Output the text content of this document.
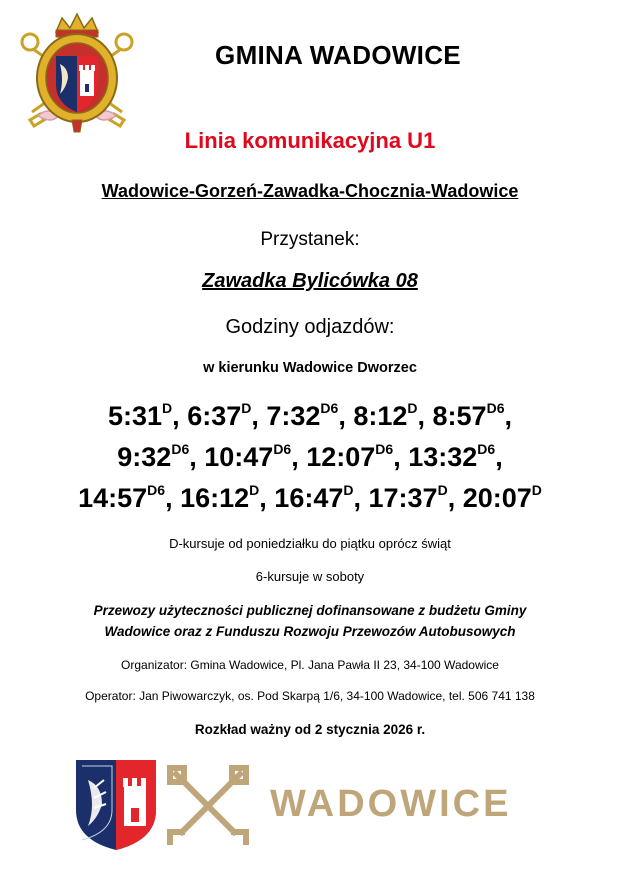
GMINA WADOWICE
Linia komunikacyjna U1
Wadowice-Gorzeń-Zawadka-Chocznia-Wadowice
Przystanek:
Zawadka Bylicówka 08
Godziny odjazdów:
w kierunku Wadowice Dworzec
$5:31^D$, $6:37^D$, $7:32^{D6}$, $8:12^D$, $8:57^{D6}$,
$9:32^{D6}$, $10:47^{D6}$, $12:07^{D6}$, $13:32^{D6}$,
$14:57^{D6}$, $16:12^D$, $16:47^D$, $17:37^D$, $20:07^D$
D-kursuje od poniedziałku do piątku oprócz świąt
6-kursuje w soboty
Przewozy użyteczności publicznej dofinansowane z budżetu Gminy
Wadowice oraz z Funduszu Rozwoju Przewozów Autobusowych
Organizator: Gmina Wadowice, Pl. Jana Pawła II 23, 34-100 Wadowice
Operator: Jan Piwowarczyk, os. Pod Skarpą 1/6, 34-100 Wadowice, tel. 506 741 138
Rozkład ważny od 2 stycznia 2026 r.
WADOWICE
